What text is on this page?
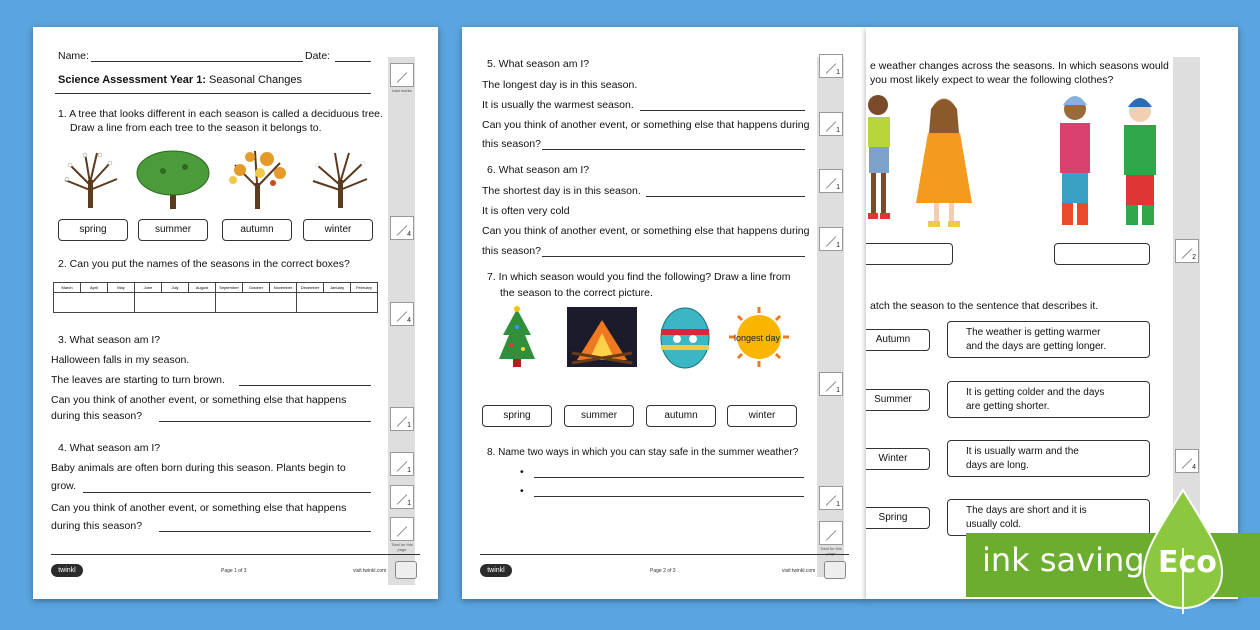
Name:	Date:
Science Assessment Year 1: Seasonal Changes
total marks
1. A tree that looks different in each season is called a deciduous tree.
Draw a line from each tree to the season it belongs to.
spring	summer	autumn	winter	4
2. Can you put the names of the seasons in the correct boxes?
March	April	May	June	July	August	September	October	November	December	January	February

4
3. What season am I?
Halloween falls in my season.
The leaves are starting to turn brown.
Can you think of another event, or something else that happens
during this season?
1
4. What season am I?
Baby animals are often born during this season. Plants begin to
grow.
Can you think of another event, or something else that happens
during this season?
1
1
Total for this page
twinkl	Page 1 of 3	visit twinkl.com
5. What season am I?
The longest day is in this season.
It is usually the warmest season.
Can you think of another event, or something else that happens during
this season?
1
1
6. What season am I?
The shortest day is in this season.
It is often very cold
Can you think of another event, or something else that happens during
this season?
1
1
7. In which season would you find the following? Draw a line from
the season to the correct picture.
longest day
spring	summer	autumn	winter
1
8. Name two ways in which you can stay safe in the summer weather?
•
•
1
Total for this
twinkl	Page 2 of 3	visit twinkl.com
e weather changes across the seasons. In which seasons would
you most likely expect to wear the following clothes?
2
atch the season to the sentence that describes it.
Autumn
Summer
Winter
Spring
The weather is getting warmer
and the days are getting longer.
It is getting colder and the days
are getting shorter.
It is usually warm and the
days are long.
The days are short and it is
usually cold.
4
ink saving Eco
